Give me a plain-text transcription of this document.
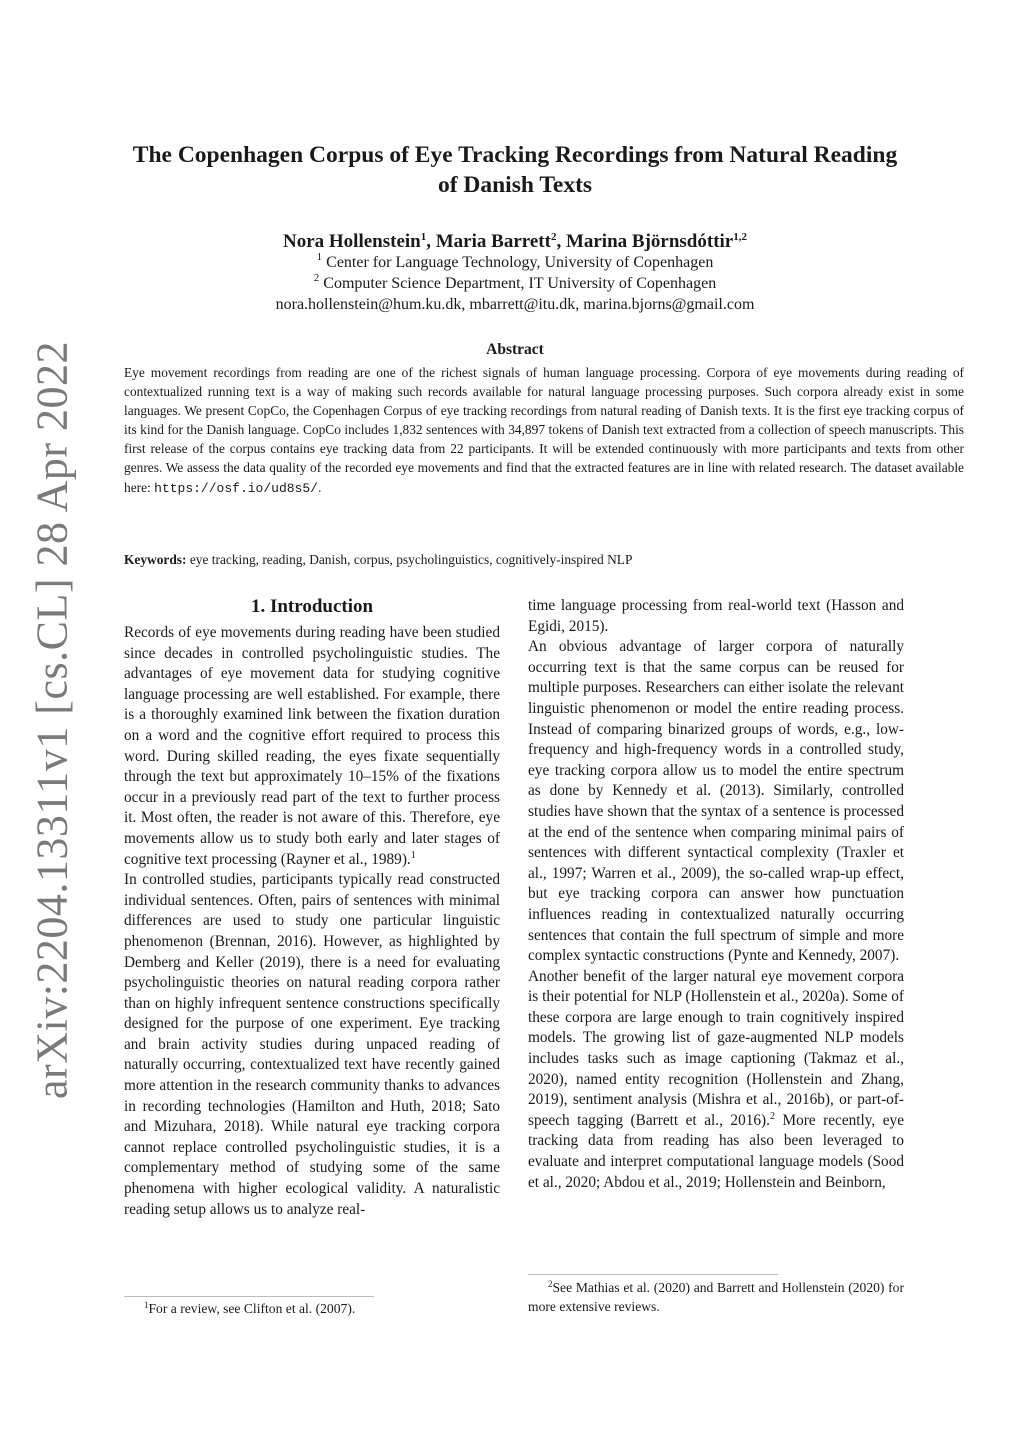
arXiv:2204.13311v1 [cs.CL] 28 Apr 2022
The Copenhagen Corpus of Eye Tracking Recordings from Natural Reading of Danish Texts
Nora Hollenstein$^1$, Maria Barrett$^2$, Marina Björnsdóttir$^{1,2}$
$^1$ Center for Language Technology, University of Copenhagen
$^2$ Computer Science Department, IT University of Copenhagen
nora.hollenstein@hum.ku.dk, mbarrett@itu.dk, marina.bjorns@gmail.com
Abstract
Eye movement recordings from reading are one of the richest signals of human language processing. Corpora of eye movements during reading of contextualized running text is a way of making such records available for natural language processing purposes. Such corpora already exist in some languages. We present CopCo, the Copenhagen Corpus of eye tracking recordings from natural reading of Danish texts. It is the first eye tracking corpus of its kind for the Danish language. CopCo includes 1,832 sentences with 34,897 tokens of Danish text extracted from a collection of speech manuscripts. This first release of the corpus contains eye tracking data from 22 participants. It will be extended continuously with more participants and texts from other genres. We assess the data quality of the recorded eye movements and find that the extracted features are in line with related research. The dataset available here: https://osf.io/ud8s5/.
Keywords: eye tracking, reading, Danish, corpus, psycholinguistics, cognitively-inspired NLP
1. Introduction

Records of eye movements during reading have been studied since decades in controlled psycholinguistic studies. The advantages of eye movement data for studying cognitive language processing are well established. For example, there is a thoroughly examined link between the fixation duration on a word and the cognitive effort required to process this word. During skilled reading, the eyes fixate sequentially through the text but approximately 10–15% of the fixations occur in a previously read part of the text to further process it. Most often, the reader is not aware of this. Therefore, eye movements allow us to study both early and later stages of cognitive text processing (Rayner et al., 1989).$^1$

In controlled studies, participants typically read constructed individual sentences. Often, pairs of sentences with minimal differences are used to study one particular linguistic phenomenon (Brennan, 2016). However, as highlighted by Demberg and Keller (2019), there is a need for evaluating psycholinguistic theories on natural reading corpora rather than on highly infrequent sentence constructions specifically designed for the purpose of one experiment. Eye tracking and brain activity studies during unpaced reading of naturally occurring, contextualized text have recently gained more attention in the research community thanks to advances in recording technologies (Hamilton and Huth, 2018; Sato and Mizuhara, 2018). While natural eye tracking corpora cannot replace controlled psycholinguistic studies, it is a complementary method of studying some of the same phenomena with higher ecological validity. A naturalistic reading setup allows us to analyze real-

time language processing from real-world text (Hasson and Egidi, 2015).

An obvious advantage of larger corpora of naturally occurring text is that the same corpus can be reused for multiple purposes. Researchers can either isolate the relevant linguistic phenomenon or model the entire reading process. Instead of comparing binarized groups of words, e.g., low-frequency and high-frequency words in a controlled study, eye tracking corpora allow us to model the entire spectrum as done by Kennedy et al. (2013). Similarly, controlled studies have shown that the syntax of a sentence is processed at the end of the sentence when comparing minimal pairs of sentences with different syntactical complexity (Traxler et al., 1997; Warren et al., 2009), the so-called wrap-up effect, but eye tracking corpora can answer how punctuation influences reading in contextualized naturally occurring sentences that contain the full spectrum of simple and more complex syntactic constructions (Pynte and Kennedy, 2007).

Another benefit of the larger natural eye movement corpora is their potential for NLP (Hollenstein et al., 2020a). Some of these corpora are large enough to train cognitively inspired models. The growing list of gaze-augmented NLP models includes tasks such as image captioning (Takmaz et al., 2020), named entity recognition (Hollenstein and Zhang, 2019), sentiment analysis (Mishra et al., 2016b), or part-of-speech tagging (Barrett et al., 2016).$^2$ More recently, eye tracking data from reading has also been leveraged to evaluate and interpret computational language models (Sood et al., 2020; Abdou et al., 2019; Hollenstein and Beinborn,

$^1$For a review, see Clifton et al. (2007).
$^2$See Mathias et al. (2020) and Barrett and Hollenstein (2020) for more extensive reviews.
